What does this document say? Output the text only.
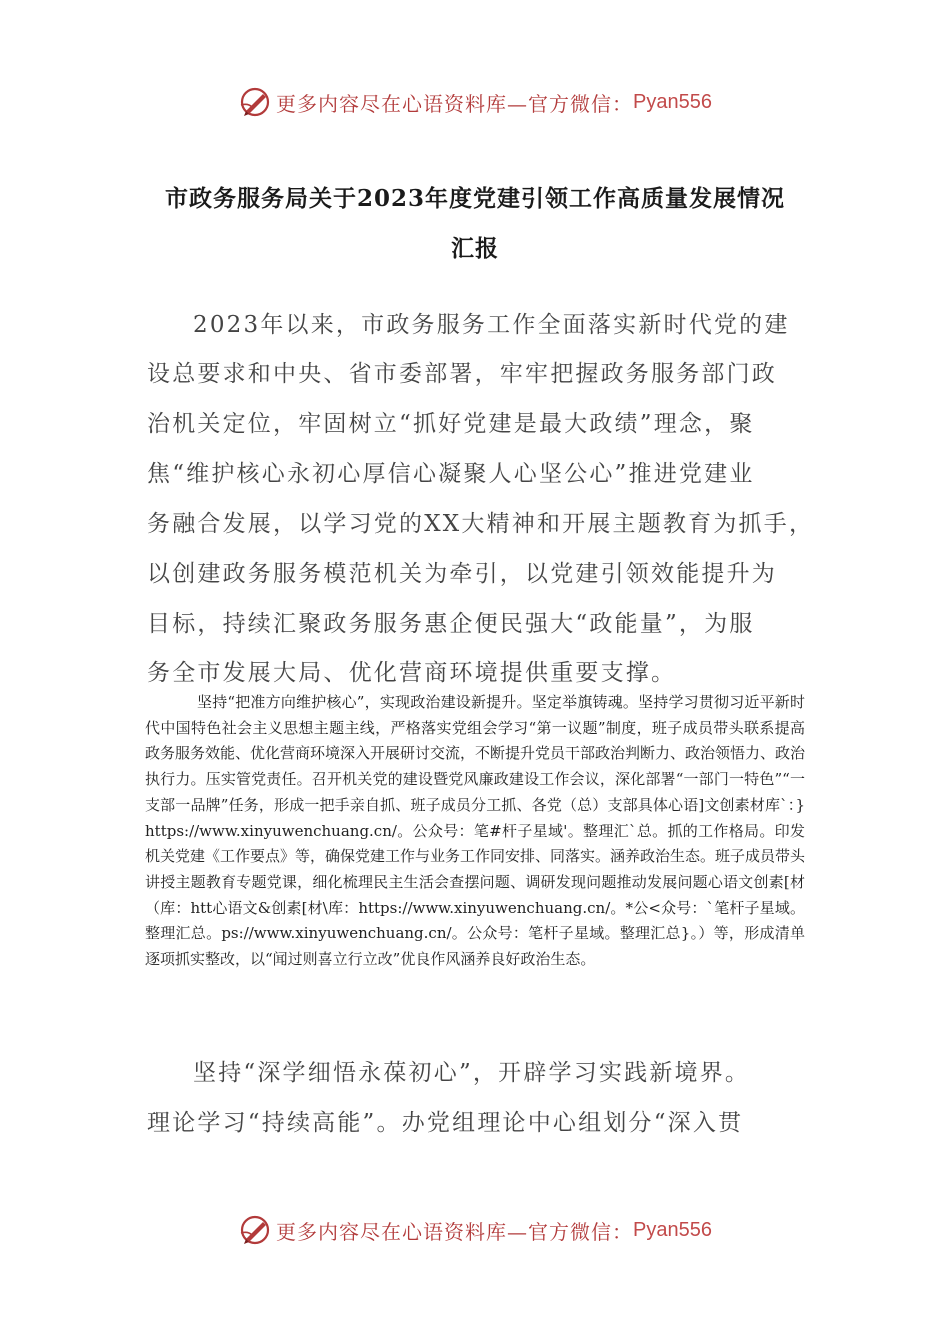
更多内容尽在心语资料库—官方微信： Pyan556
市政务服务局关于2023年度党建引领工作高质量发展情况
汇报
2023年以来，市政务服务工作全面落实新时代党的建
设总要求和中央、省市委部署，牢牢把握政务服务部门政
治机关定位，牢固树立“抓好党建是最大政绩”理念，聚
焦“维护核心永初心厚信心凝聚人心坚公心”推进党建业
务融合发展，以学习党的XX大精神和开展主题教育为抓手，
以创建政务服务模范机关为牵引，以党建引领效能提升为
目标，持续汇聚政务服务惠企便民强大“政能量”，为服
务全市发展大局、优化营商环境提供重要支撑。
坚持“把准方向维护核心”，实现政治建设新提升。坚定举旗铸魂。坚持学习贯彻习近平新时代中国特色社会主义思想主题主线，严格落实党组会学习“第一议题”制度，班子成员带头联系提高政务服务效能、优化营商环境深入开展研讨交流，不断提升党员干部政治判断力、政治领悟力、政治执行力。压实管党责任。召开机关党的建设暨党风廉政建设工作会议，深化部署“一部门一特色”“一支部一品牌”任务，形成一把手亲自抓、班子成员分工抓、各党（总）支部具体心语]文创素材库`：}https://www.xinyuwenchuang.cn/。公众号：笔#杆子星域'。整理汇`总。抓的工作格局。印发机关党建《工作要点》等，确保党建工作与业务工作同安排、同落实。涵养政治生态。班子成员带头讲授主题教育专题党课，细化梳理民主生活会查摆问题、调研发现问题推动发展问题心语文创素[材（库：htt心语文&创素[材\库：https://www.xinyuwenchuang.cn/。*公<众号：`笔杆子星域。整理汇总。ps://www.xinyuwenchuang.cn/。公众号：笔杆子星域。整理汇总}。）等，形成清单逐项抓实整改，以“闻过则喜立行立改”优良作风涵养良好政治生态。
坚持“深学细悟永葆初心”，开辟学习实践新境界。
理论学习“持续高能”。办党组理论中心组划分“深入贯
更多内容尽在心语资料库—官方微信： Pyan556
